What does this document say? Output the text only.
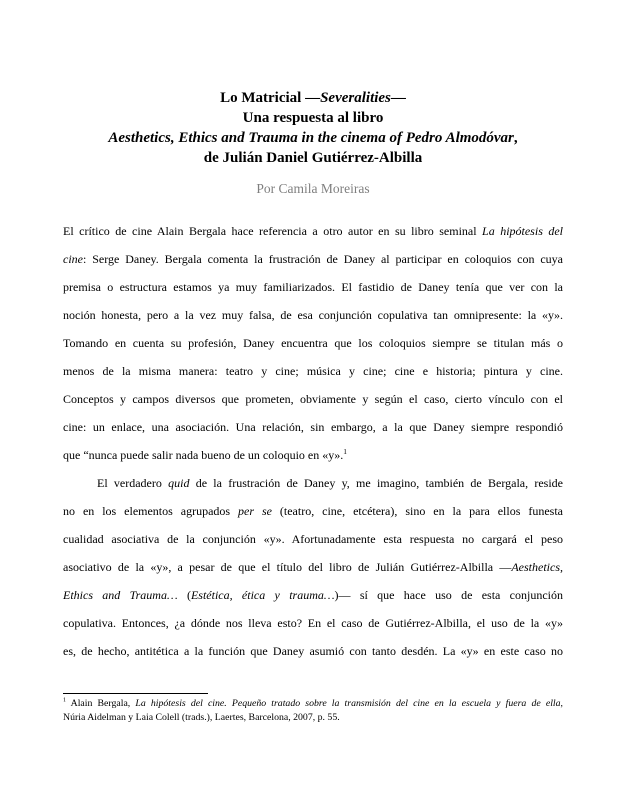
Lo Matricial —Severalities—
Una respuesta al libro
Aesthetics, Ethics and Trauma in the cinema of Pedro Almodóvar,
de Julián Daniel Gutiérrez-Albilla
Por Camila Moreiras
El crítico de cine Alain Bergala hace referencia a otro autor en su libro seminal La hipótesis del
cine: Serge Daney. Bergala comenta la frustración de Daney al participar en coloquios con cuya
premisa o estructura estamos ya muy familiarizados. El fastidio de Daney tenía que ver con la
noción honesta, pero a la vez muy falsa, de esa conjunción copulativa tan omnipresente: la «y».
Tomando en cuenta su profesión, Daney encuentra que los coloquios siempre se titulan más o
menos de la misma manera: teatro y cine; música y cine; cine e historia; pintura y cine.
Conceptos y campos diversos que prometen, obviamente y según el caso, cierto vínculo con el
cine: un enlace, una asociación. Una relación, sin embargo, a la que Daney siempre respondió
que “nunca puede salir nada bueno de un coloquio en «y».$^1$
El verdadero quid de la frustración de Daney y, me imagino, también de Bergala, reside
no en los elementos agrupados per se (teatro, cine, etcétera), sino en la para ellos funesta
cualidad asociativa de la conjunción «y». Afortunadamente esta respuesta no cargará el peso
asociativo de la «y», a pesar de que el título del libro de Julián Gutiérrez-Albilla —Aesthetics,
Ethics and Trauma… (Estética, ética y trauma…)— sí que hace uso de esta conjunción
copulativa. Entonces, ¿a dónde nos lleva esto? En el caso de Gutiérrez-Albilla, el uso de la «y»
es, de hecho, antitética a la función que Daney asumió con tanto desdén. La «y» en este caso no
$^1$ Alain Bergala, La hipótesis del cine. Pequeño tratado sobre la transmisión del cine en la escuela y fuera de ella,
Núria Aidelman y Laia Colell (trads.), Laertes, Barcelona, 2007, p. 55.
